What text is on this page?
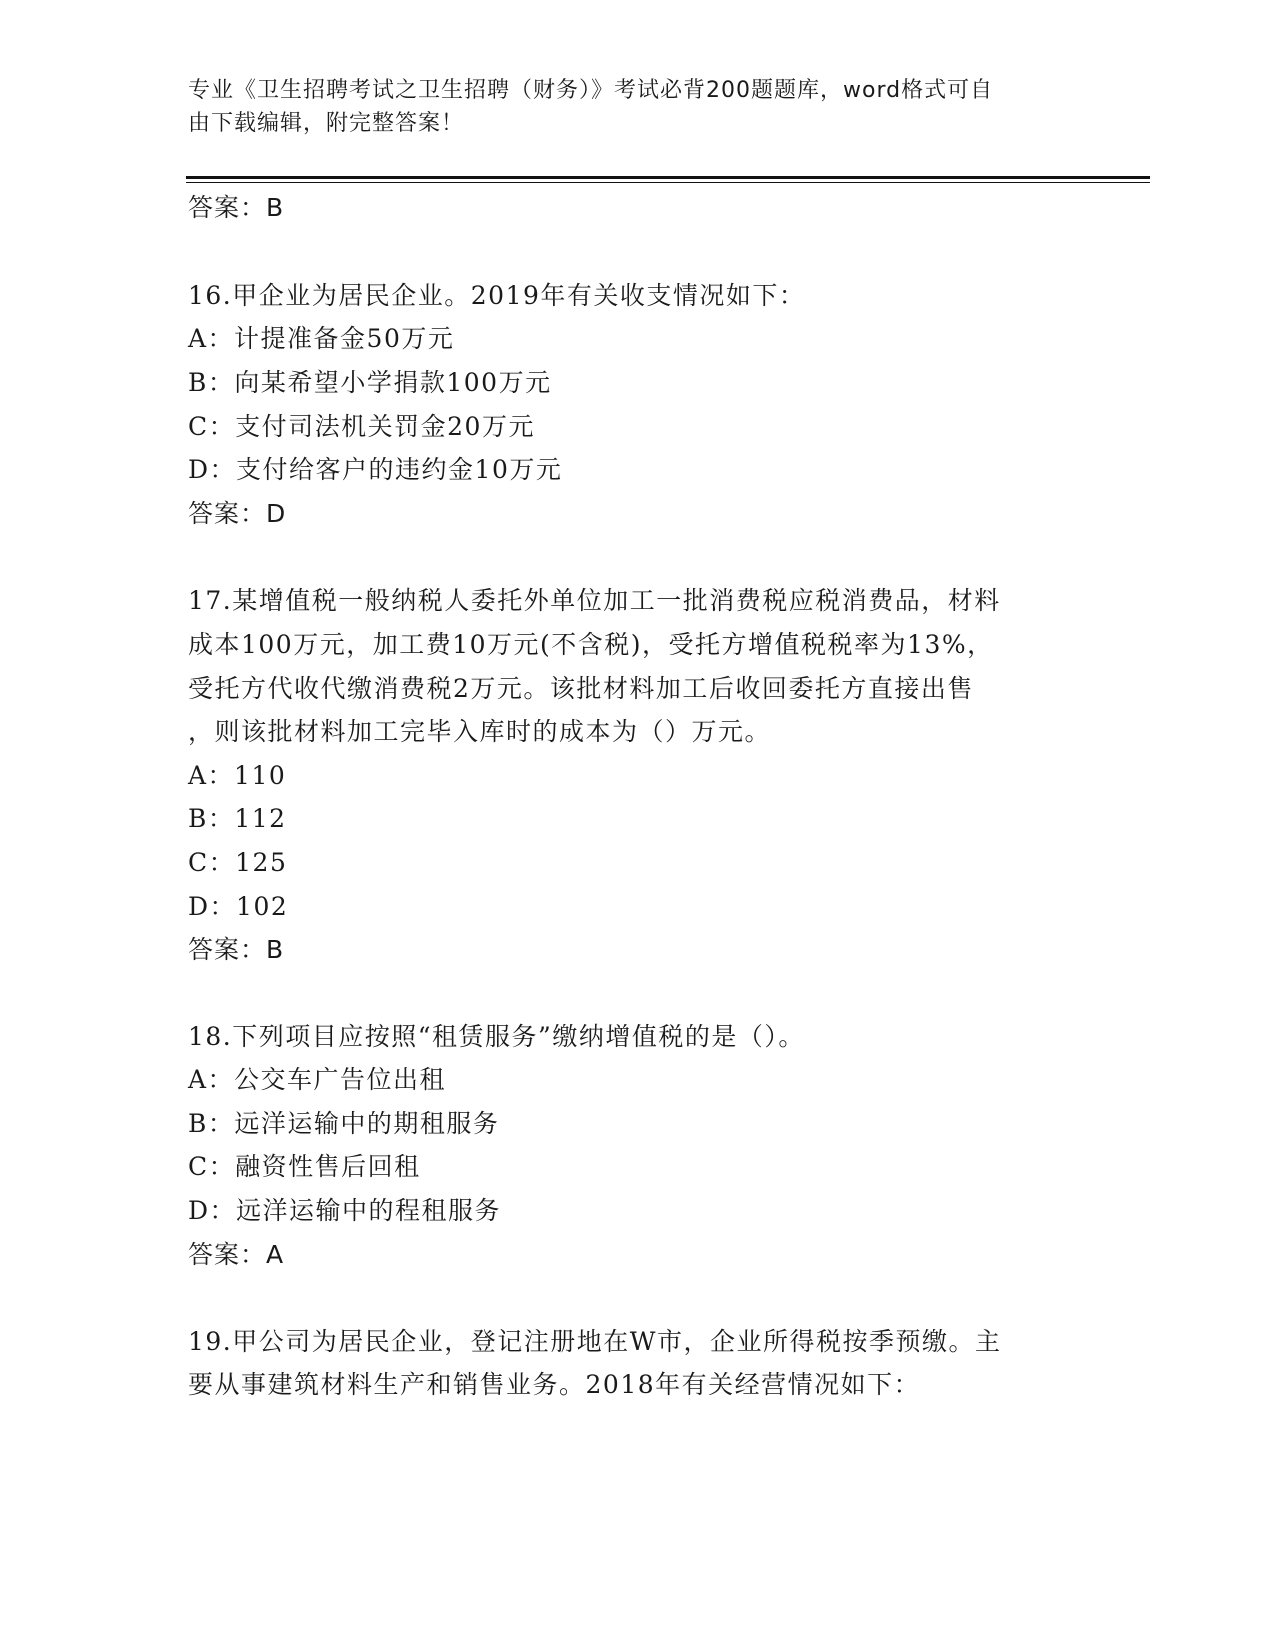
专业《卫生招聘考试之卫生招聘（财务）》考试必背200题题库，word格式可自
由下载编辑，附完整答案！
答案：B
16.甲企业为居民企业。2019年有关收支情况如下：
A：计提准备金50万元
B：向某希望小学捐款100万元
C：支付司法机关罚金20万元
D：支付给客户的违约金10万元
答案：D
17.某增值税一般纳税人委托外单位加工一批消费税应税消费品，材料
成本100万元，加工费10万元(不含税)，受托方增值税税率为13%，
受托方代收代缴消费税2万元。该批材料加工后收回委托方直接出售
，则该批材料加工完毕入库时的成本为（）万元。
A：110
B：112
C：125
D：102
答案：B
18.下列项目应按照“租赁服务”缴纳增值税的是（）。
A：公交车广告位出租
B：远洋运输中的期租服务
C：融资性售后回租
D：远洋运输中的程租服务
答案：A
19.甲公司为居民企业，登记注册地在W市，企业所得税按季预缴。主
要从事建筑材料生产和销售业务。2018年有关经营情况如下：
